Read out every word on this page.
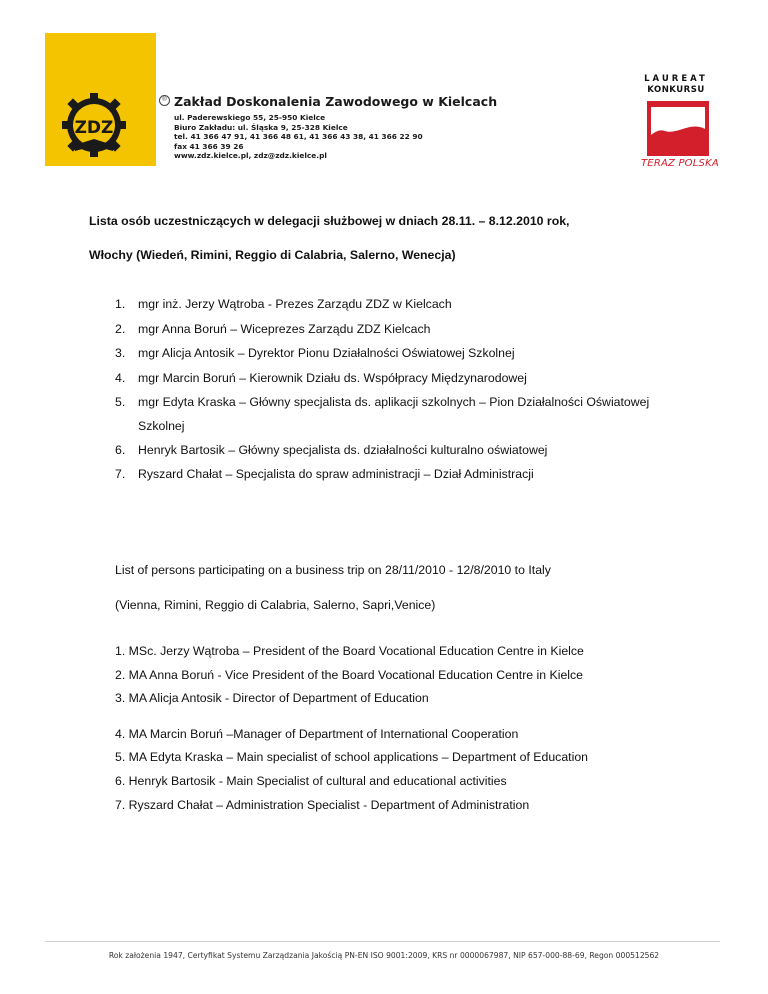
ZDZ
® Zakład Doskonalenia Zawodowego w Kielcach
ul. Paderewskiego 55, 25-950 Kielce
Biuro Zakładu: ul. Śląska 9, 25-328 Kielce
tel. 41 366 47 91, 41 366 48 61, 41 366 43 38, 41 366 22 90
fax 41 366 39 26
www.zdz.kielce.pl, zdz@zdz.kielce.pl
LAUREAT
KONKURSU
TERAZ POLSKA
Lista osób uczestniczących w delegacji służbowej w dniach 28.11. – 8.12.2010 rok,
Włochy (Wiedeń, Rimini, Reggio di Calabria, Salerno, Wenecja)
1. mgr inż. Jerzy Wątroba - Prezes Zarządu ZDZ w Kielcach
2. mgr Anna Boruń – Wiceprezes Zarządu ZDZ Kielcach
3. mgr Alicja Antosik – Dyrektor Pionu Działalności Oświatowej Szkolnej
4. mgr Marcin Boruń – Kierownik Działu ds. Współpracy Międzynarodowej
5. mgr Edyta Kraska – Główny specjalista ds. aplikacji szkolnych – Pion Działalności Oświatowej
Szkolnej
6. Henryk Bartosik – Główny specjalista ds. działalności kulturalno oświatowej
7. Ryszard Chałat – Specjalista do spraw administracji – Dział Administracji
List of persons participating on a business trip on 28/11/2010 - 12/8/2010 to Italy
(Vienna, Rimini, Reggio di Calabria, Salerno, Sapri,Venice)
1. MSc. Jerzy Wątroba – President of the Board Vocational Education Centre in Kielce
2. MA Anna Boruń - Vice President of the Board Vocational Education Centre in Kielce
3. MA Alicja Antosik - Director of Department of Education
4. MA Marcin Boruń –Manager of Department of International Cooperation
5. MA Edyta Kraska – Main specialist of school applications – Department of Education
6. Henryk Bartosik - Main Specialist of cultural and educational activities
7. Ryszard Chałat – Administration Specialist - Department of Administration
Rok założenia 1947, Certyfikat Systemu Zarządzania Jakością PN-EN ISO 9001:2009, KRS nr 0000067987, NIP 657-000-88-69, Regon 000512562
